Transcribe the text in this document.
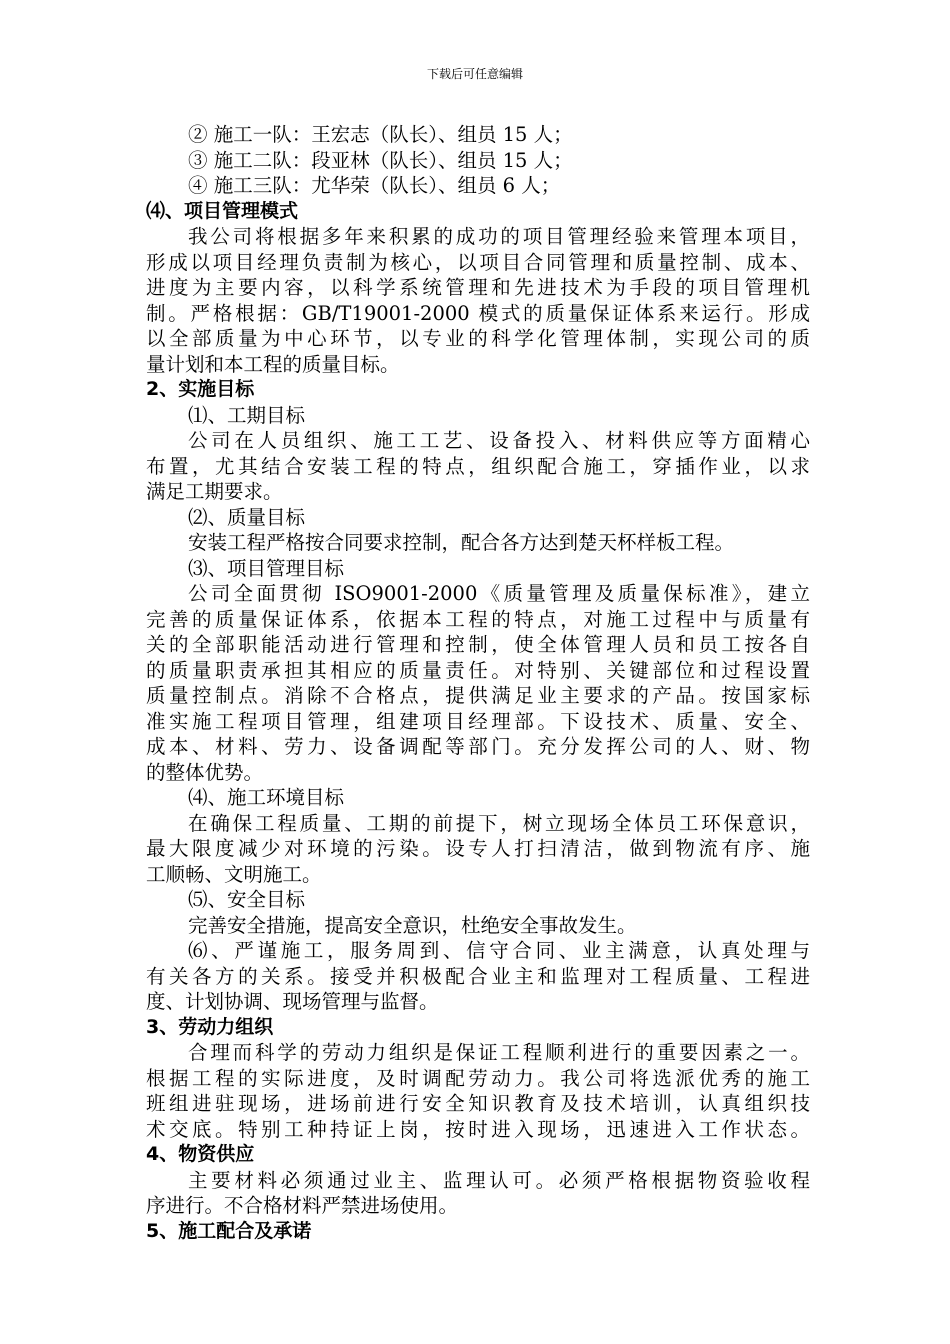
下载后可任意编辑
② 施工一队：王宏志（队长）、组员 15 人；
③ 施工二队：段亚林（队长）、组员 15 人；
④ 施工三队：尤华荣（队长）、组员 6 人；
⑷、项目管理模式
我公司将根据多年来积累的成功的项目管理经验来管理本项目，
形成以项目经理负责制为核心，以项目合同管理和质量控制、成本、
进度为主要内容，以科学系统管理和先进技术为手段的项目管理机
制。严格根据：GB/T19001-2000 模式的质量保证体系来运行。形成
以全部质量为中心环节，以专业的科学化管理体制，实现公司的质
量计划和本工程的质量目标。
2、实施目标
⑴、工期目标
公司在人员组织、施工工艺、设备投入、材料供应等方面精心
布置，尤其结合安装工程的特点，组织配合施工，穿插作业，以求
满足工期要求。
⑵、质量目标
安装工程严格按合同要求控制，配合各方达到楚天杯样板工程。
⑶、项目管理目标
公司全面贯彻 ISO9001-2000《质量管理及质量保标准》，建立
完善的质量保证体系，依据本工程的特点，对施工过程中与质量有
关的全部职能活动进行管理和控制，使全体管理人员和员工按各自
的质量职责承担其相应的质量责任。对特别、关键部位和过程设置
质量控制点。消除不合格点，提供满足业主要求的产品。按国家标
准实施工程项目管理，组建项目经理部。下设技术、质量、安全、
成本、材料、劳力、设备调配等部门。充分发挥公司的人、财、物
的整体优势。
⑷、施工环境目标
在确保工程质量、工期的前提下，树立现场全体员工环保意识，
最大限度减少对环境的污染。设专人打扫清洁，做到物流有序、施
工顺畅、文明施工。
⑸、安全目标
完善安全措施，提高安全意识，杜绝安全事故发生。
⑹、严谨施工，服务周到、信守合同、业主满意，认真处理与
有关各方的关系。接受并积极配合业主和监理对工程质量、工程进
度、计划协调、现场管理与监督。
3、劳动力组织
合理而科学的劳动力组织是保证工程顺利进行的重要因素之一。
根据工程的实际进度，及时调配劳动力。我公司将选派优秀的施工
班组进驻现场，进场前进行安全知识教育及技术培训，认真组织技
术交底。特别工种持证上岗，按时进入现场，迅速进入工作状态。
4、物资供应
主要材料必须通过业主、监理认可。必须严格根据物资验收程
序进行。不合格材料严禁进场使用。
5、施工配合及承诺
